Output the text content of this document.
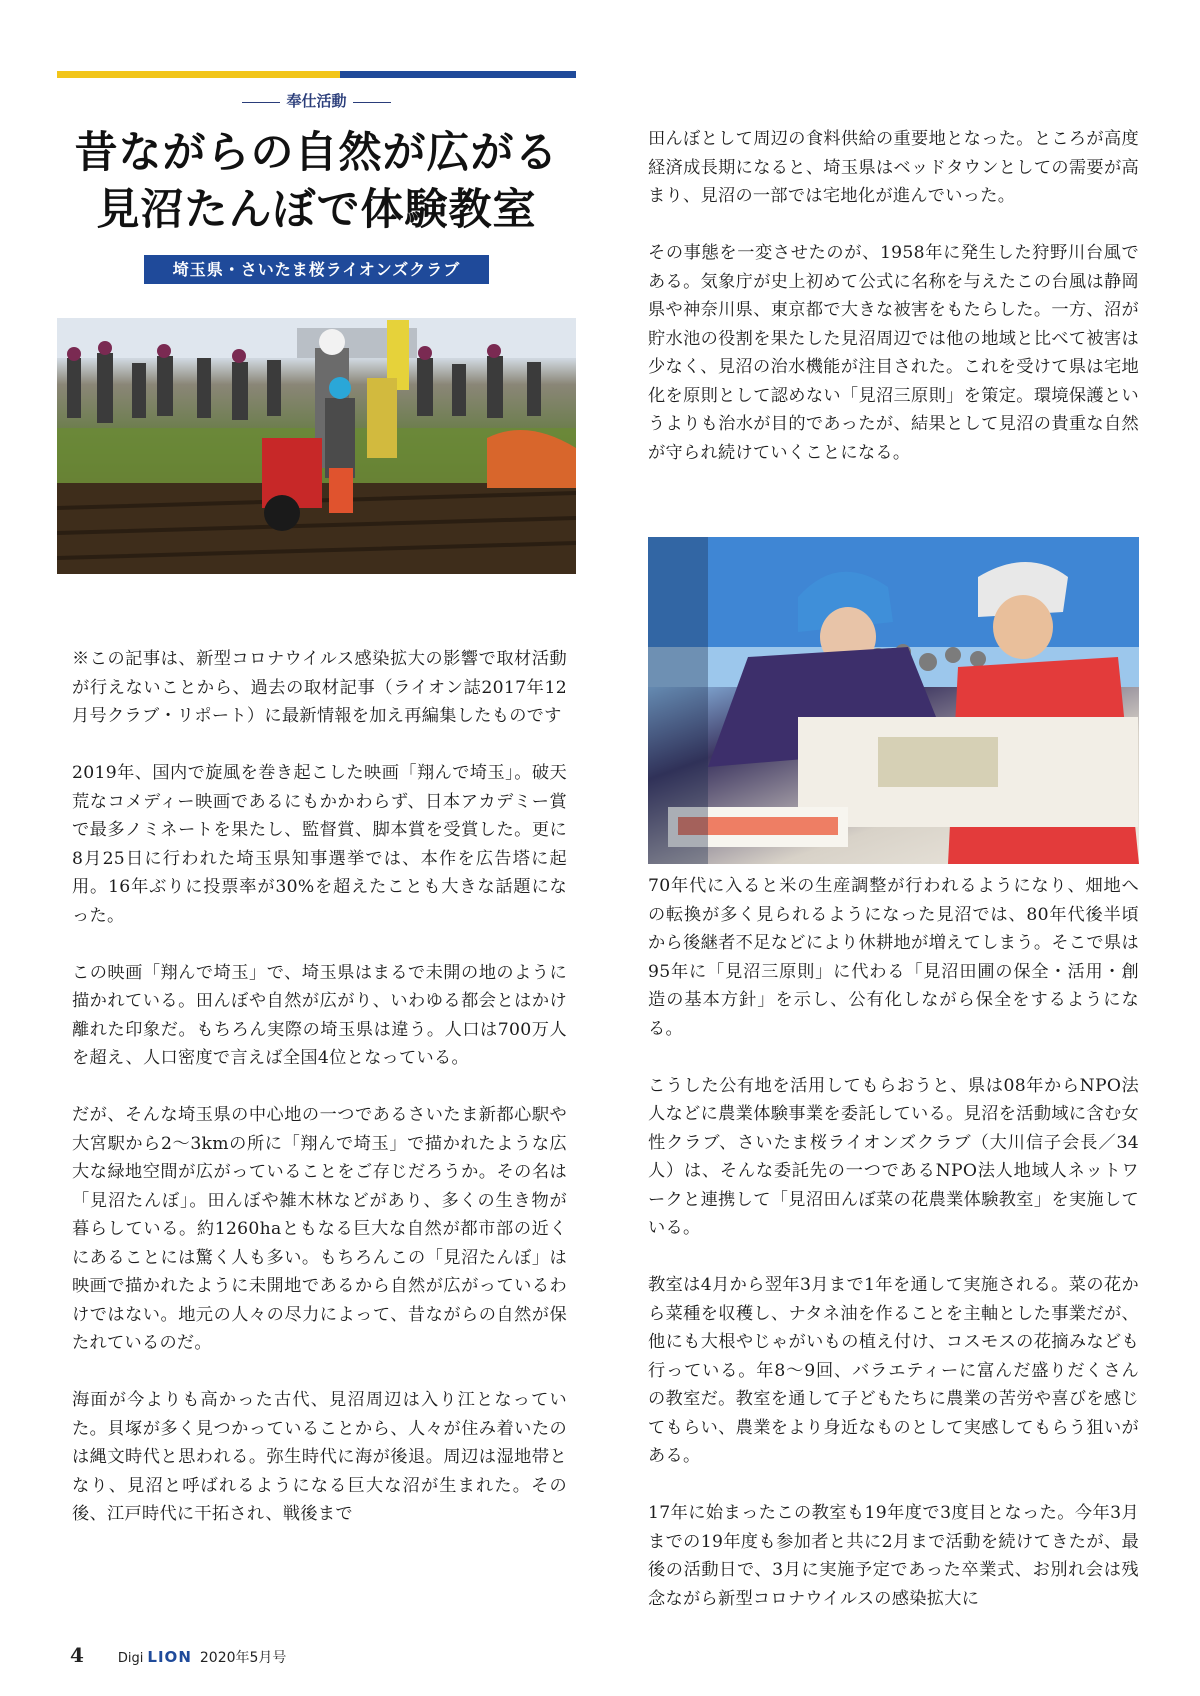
奉仕活動
昔ながらの自然が広がる
見沼たんぼで体験教室
埼玉県・さいたま桜ライオンズクラブ

※この記事は、新型コロナウイルス感染拡大の影響で取材活動が行えないことから、過去の取材記事（ライオン誌2017年12月号クラブ・リポート）に最新情報を加え再編集したものです

2019年、国内で旋風を巻き起こした映画「翔んで埼玉」。破天荒なコメディー映画であるにもかかわらず、日本アカデミー賞で最多ノミネートを果たし、監督賞、脚本賞を受賞した。更に8月25日に行われた埼玉県知事選挙では、本作を広告塔に起用。16年ぶりに投票率が30%を超えたことも大きな話題になった。

この映画「翔んで埼玉」で、埼玉県はまるで未開の地のように描かれている。田んぼや自然が広がり、いわゆる都会とはかけ離れた印象だ。もちろん実際の埼玉県は違う。人口は700万人を超え、人口密度で言えば全国4位となっている。

だが、そんな埼玉県の中心地の一つであるさいたま新都心駅や大宮駅から2〜3kmの所に「翔んで埼玉」で描かれたような広大な緑地空間が広がっていることをご存じだろうか。その名は「見沼たんぼ」。田んぼや雑木林などがあり、多くの生き物が暮らしている。約1260haともなる巨大な自然が都市部の近くにあることには驚く人も多い。もちろんこの「見沼たんぼ」は映画で描かれたように未開地であるから自然が広がっているわけではない。地元の人々の尽力によって、昔ながらの自然が保たれているのだ。

海面が今よりも高かった古代、見沼周辺は入り江となっていた。貝塚が多く見つかっていることから、人々が住み着いたのは縄文時代と思われる。弥生時代に海が後退。周辺は湿地帯となり、見沼と呼ばれるようになる巨大な沼が生まれた。その後、江戸時代に干拓され、戦後まで

田んぼとして周辺の食料供給の重要地となった。ところが高度経済成長期になると、埼玉県はベッドタウンとしての需要が高まり、見沼の一部では宅地化が進んでいった。

その事態を一変させたのが、1958年に発生した狩野川台風である。気象庁が史上初めて公式に名称を与えたこの台風は静岡県や神奈川県、東京都で大きな被害をもたらした。一方、沼が貯水池の役割を果たした見沼周辺では他の地域と比べて被害は少なく、見沼の治水機能が注目された。これを受けて県は宅地化を原則として認めない「見沼三原則」を策定。環境保護というよりも治水が目的であったが、結果として見沼の貴重な自然が守られ続けていくことになる。

70年代に入ると米の生産調整が行われるようになり、畑地への転換が多く見られるようになった見沼では、80年代後半頃から後継者不足などにより休耕地が増えてしまう。そこで県は95年に「見沼三原則」に代わる「見沼田圃の保全・活用・創造の基本方針」を示し、公有化しながら保全をするようになる。

こうした公有地を活用してもらおうと、県は08年からNPO法人などに農業体験事業を委託している。見沼を活動域に含む女性クラブ、さいたま桜ライオンズクラブ（大川信子会長／34人）は、そんな委託先の一つであるNPO法人地域人ネットワークと連携して「見沼田んぼ菜の花農業体験教室」を実施している。

教室は4月から翌年3月まで1年を通して実施される。菜の花から菜種を収穫し、ナタネ油を作ることを主軸とした事業だが、他にも大根やじゃがいもの植え付け、コスモスの花摘みなども行っている。年8〜9回、バラエティーに富んだ盛りだくさんの教室だ。教室を通して子どもたちに農業の苦労や喜びを感じてもらい、農業をより身近なものとして実感してもらう狙いがある。

17年に始まったこの教室も19年度で3度目となった。今年3月までの19年度も参加者と共に2月まで活動を続けてきたが、最後の活動日で、3月に実施予定であった卒業式、お別れ会は残念ながら新型コロナウイルスの感染拡大に

4	Digi LION 2020年5月号
